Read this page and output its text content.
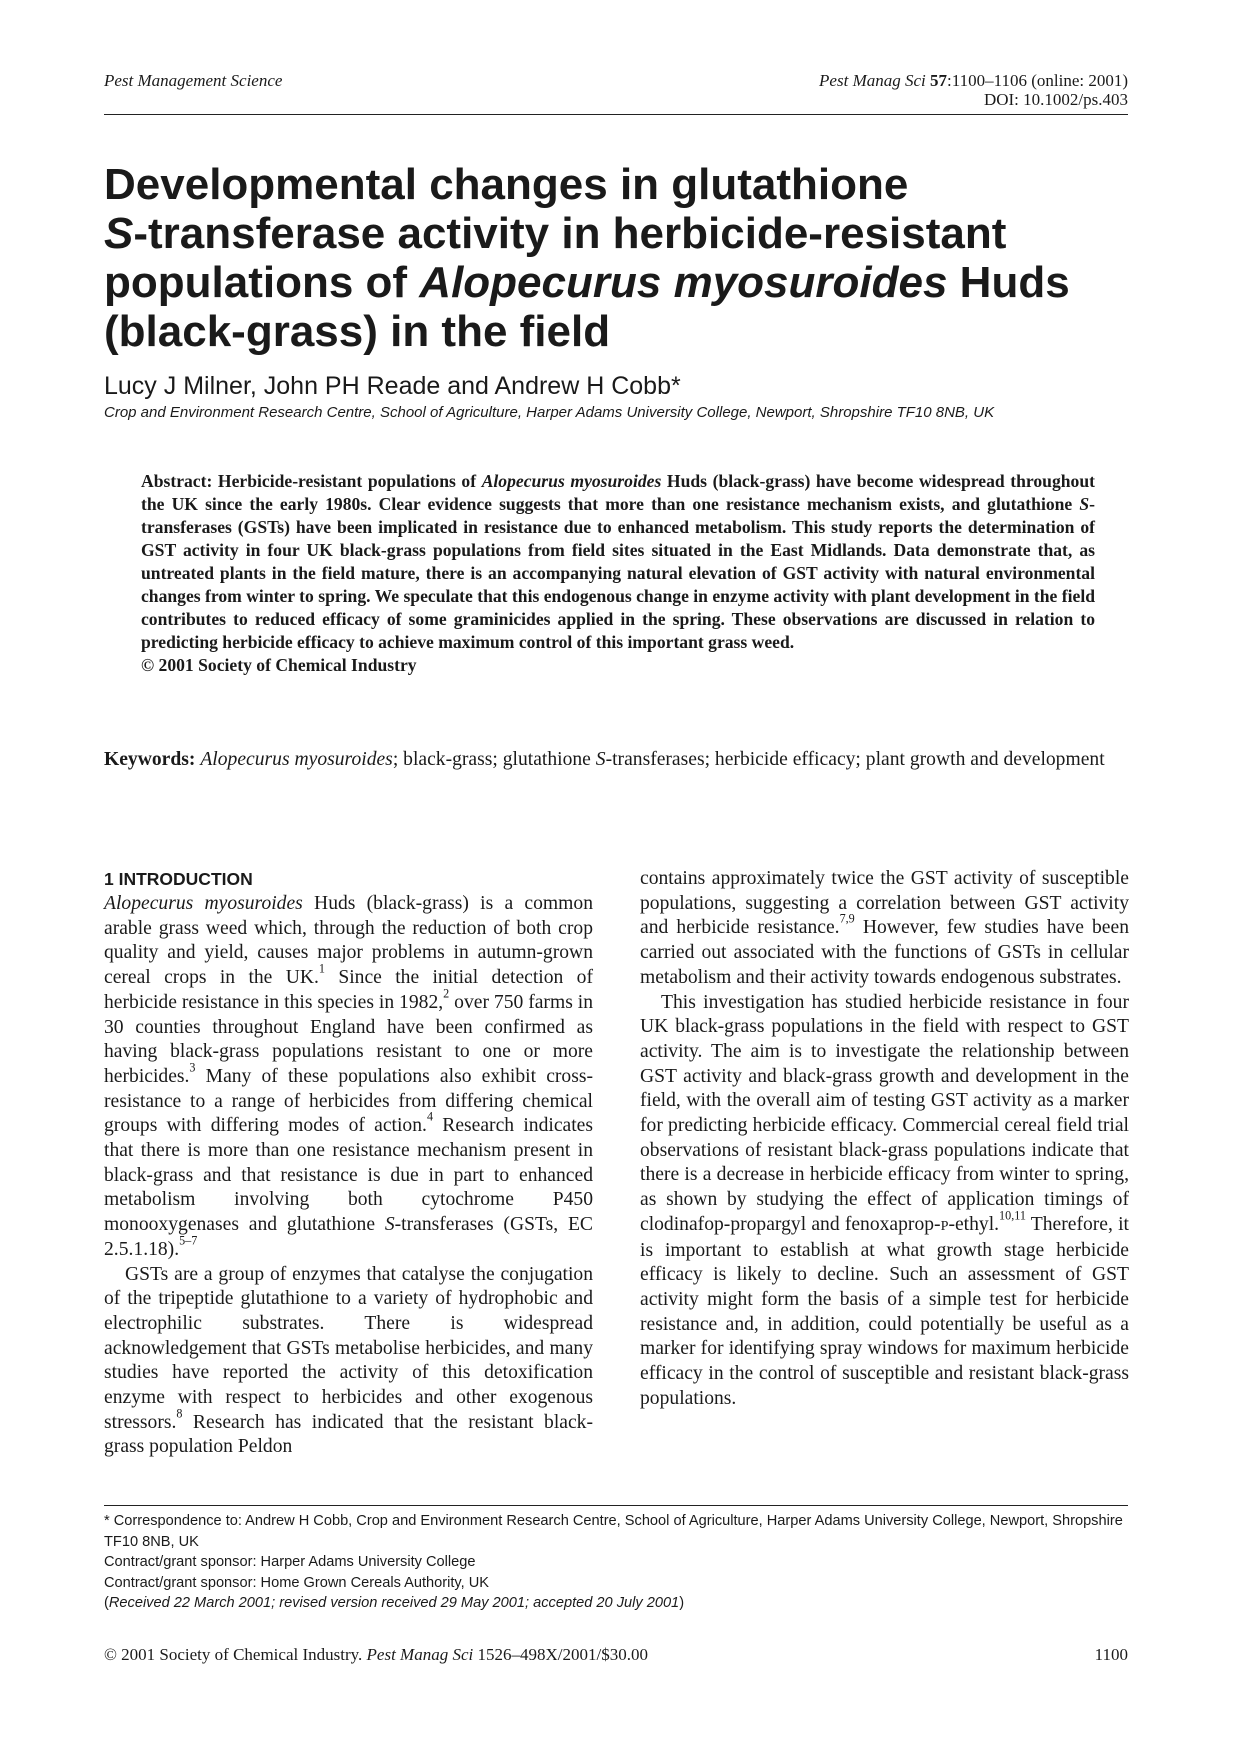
Pest Management Science	Pest Manag Sci 57:1100–1106 (online: 2001)
DOI: 10.1002/ps.403
Developmental changes in glutathione
S-transferase activity in herbicide-resistant
populations of Alopecurus myosuroides Huds
(black-grass) in the field
Lucy J Milner, John PH Reade and Andrew H Cobb*
Crop and Environment Research Centre, School of Agriculture, Harper Adams University College, Newport, Shropshire TF10 8NB, UK
Abstract: Herbicide-resistant populations of Alopecurus myosuroides Huds (black-grass) have become widespread throughout the UK since the early 1980s. Clear evidence suggests that more than one resistance mechanism exists, and glutathione S-transferases (GSTs) have been implicated in resistance due to enhanced metabolism. This study reports the determination of GST activity in four UK black-grass populations from field sites situated in the East Midlands. Data demonstrate that, as untreated plants in the field mature, there is an accompanying natural elevation of GST activity with natural environmental changes from winter to spring. We speculate that this endogenous change in enzyme activity with plant development in the field contributes to reduced efficacy of some graminicides applied in the spring. These observations are discussed in relation to predicting herbicide efficacy to achieve maximum control of this important grass weed.
© 2001 Society of Chemical Industry
Keywords: Alopecurus myosuroides; black-grass; glutathione S-transferases; herbicide efficacy; plant growth and development
1 INTRODUCTION

Alopecurus myosuroides Huds (black-grass) is a common arable grass weed which, through the reduction of both crop quality and yield, causes major problems in autumn-grown cereal crops in the UK.$^1$ Since the initial detection of herbicide resistance in this species in 1982,$^2$ over 750 farms in 30 counties throughout England have been confirmed as having black-grass populations resistant to one or more herbicides.$^3$ Many of these populations also exhibit cross-resistance to a range of herbicides from differing chemical groups with differing modes of action.$^4$ Research indicates that there is more than one resistance mechanism present in black-grass and that resistance is due in part to enhanced metabolism involving both cytochrome P450 monooxygenases and glutathione S-transferases (GSTs, EC 2.5.1.18).$^{5-7}$

GSTs are a group of enzymes that catalyse the conjugation of the tripeptide glutathione to a variety of hydrophobic and electrophilic substrates. There is widespread acknowledgement that GSTs metabolise herbicides, and many studies have reported the activity of this detoxification enzyme with respect to herbicides and other exogenous stressors.$^8$ Research has indicated that the resistant black-grass population Peldon

contains approximately twice the GST activity of susceptible populations, suggesting a correlation between GST activity and herbicide resistance.$^{7,9}$ However, few studies have been carried out associated with the functions of GSTs in cellular metabolism and their activity towards endogenous substrates.

This investigation has studied herbicide resistance in four UK black-grass populations in the field with respect to GST activity. The aim is to investigate the relationship between GST activity and black-grass growth and development in the field, with the overall aim of testing GST activity as a marker for predicting herbicide efficacy. Commercial cereal field trial observations of resistant black-grass populations indicate that there is a decrease in herbicide efficacy from winter to spring, as shown by studying the effect of application timings of clodinafop-propargyl and fenoxaprop-P-ethyl.$^{10,11}$ Therefore, it is important to establish at what growth stage herbicide efficacy is likely to decline. Such an assessment of GST activity might form the basis of a simple test for herbicide resistance and, in addition, could potentially be useful as a marker for identifying spray windows for maximum herbicide efficacy in the control of susceptible and resistant black-grass populations.

* Correspondence to: Andrew H Cobb, Crop and Environment Research Centre, School of Agriculture, Harper Adams University College, Newport, Shropshire TF10 8NB, UK

Contract/grant sponsor: Harper Adams University College

Contract/grant sponsor: Home Grown Cereals Authority, UK

(Received 22 March 2001; revised version received 29 May 2001; accepted 20 July 2001)

© 2001 Society of Chemical Industry. Pest Manag Sci 1526–498X/2001/$30.00	1100
